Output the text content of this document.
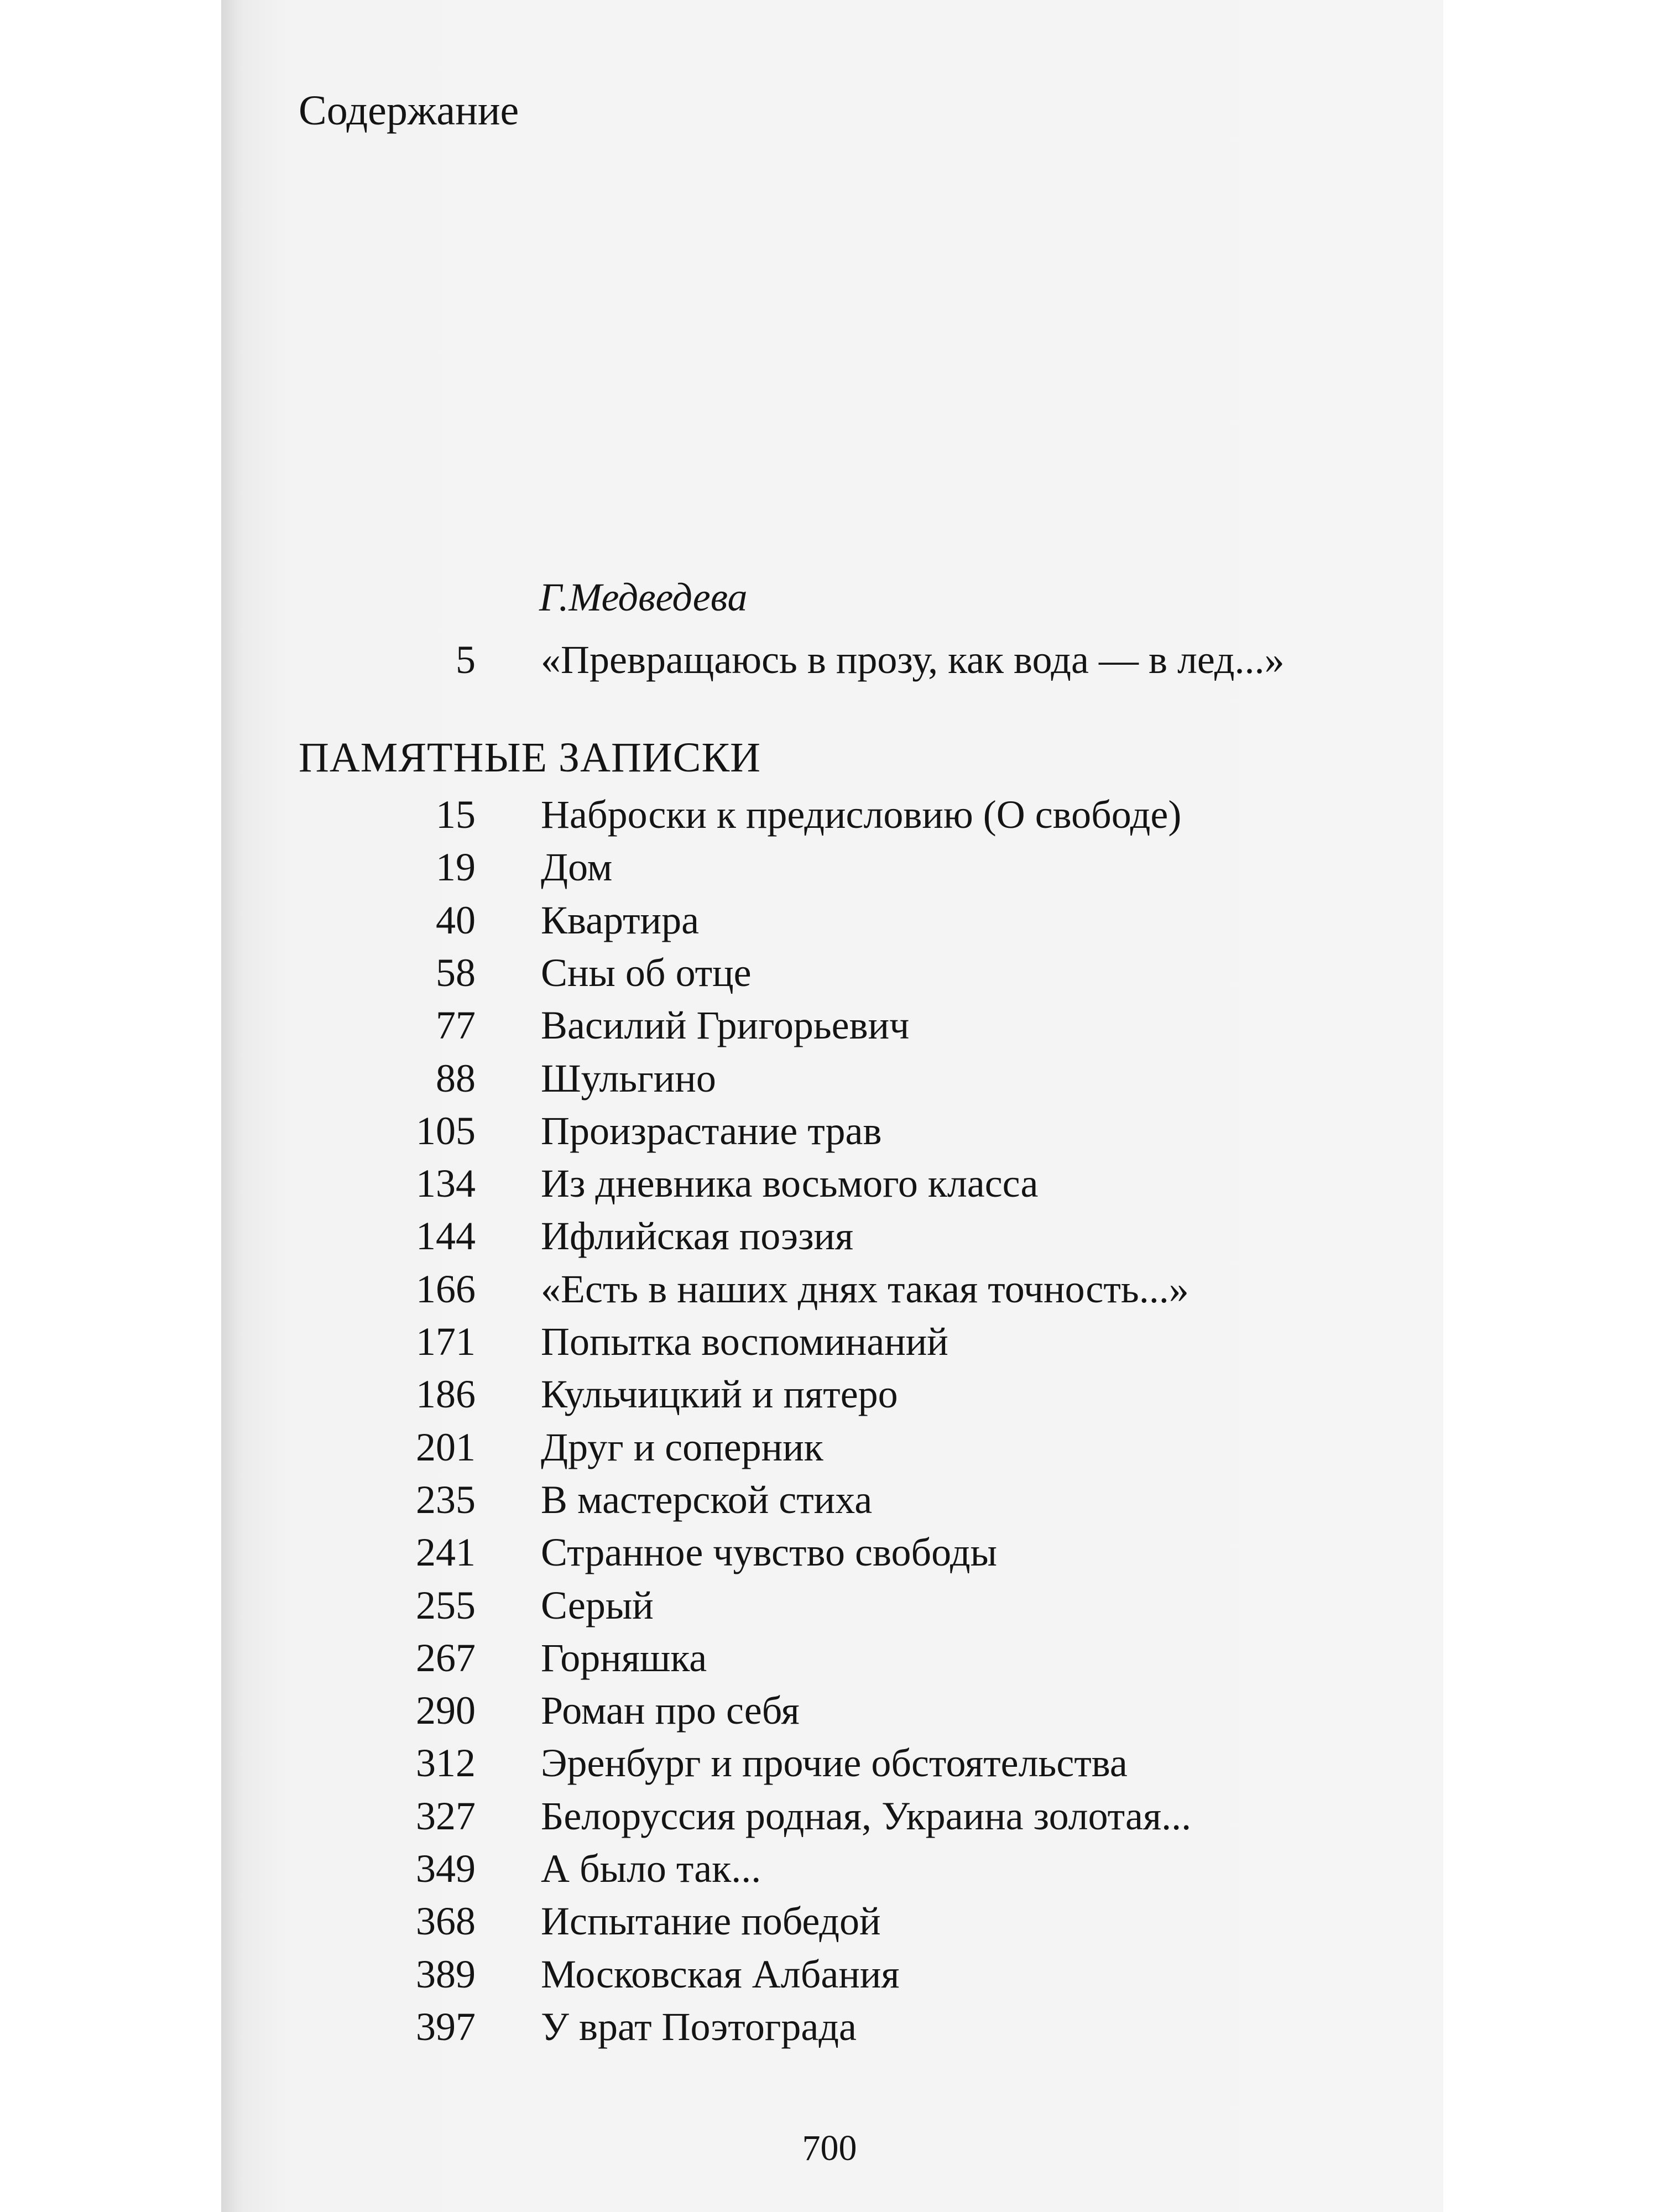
Содержание
Г.Медведева
5 «Превращаюсь в прозу, как вода — в лед...»
ПАМЯТНЫЕ ЗАПИСКИ
15 Наброски к предисловию (О свободе)
19 Дом
40 Квартира
58 Сны об отце
77 Василий Григорьевич
88 Шульгино
105 Произрастание трав
134 Из дневника восьмого класса
144 Ифлийская поэзия
166 «Есть в наших днях такая точность...»
171 Попытка воспоминаний
186 Кульчицкий и пятеро
201 Друг и соперник
235 В мастерской стиха
241 Странное чувство свободы
255 Серый
267 Горняшка
290 Роман про себя
312 Эренбург и прочие обстоятельства
327 Белоруссия родная, Украина золотая...
349 А было так...
368 Испытание победой
389 Московская Албания
397 У врат Поэтограда
700
